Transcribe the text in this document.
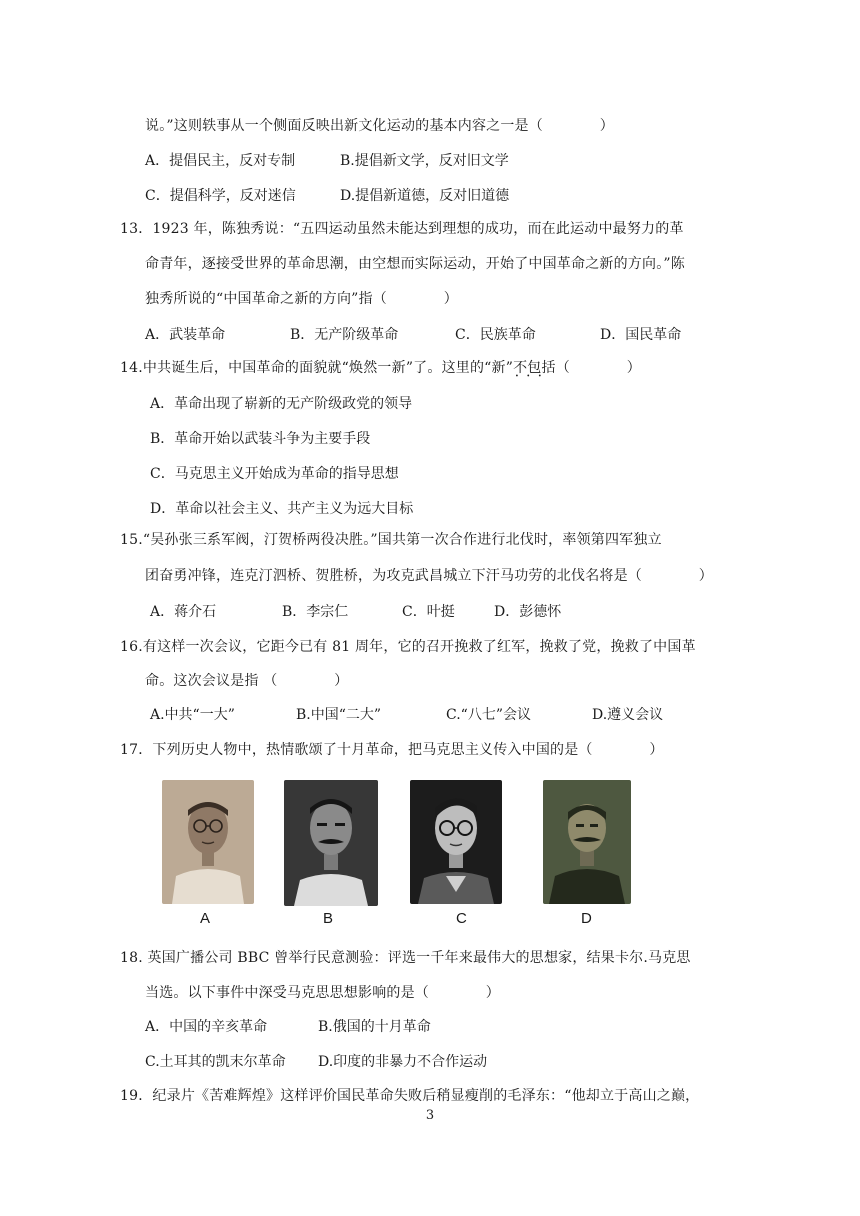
说。”这则轶事从一个侧面反映出新文化运动的基本内容之一是（　　　　）
A．提倡民主，反对专制	B.提倡新文学，反对旧文学
C．提倡科学，反对迷信	D.提倡新道德，反对旧道德
13．1923 年，陈独秀说：“五四运动虽然未能达到理想的成功，而在此运动中最努力的革
命青年，逐接受世界的革命思潮，由空想而实际运动，开始了中国革命之新的方向。”陈
独秀所说的“中国革命之新的方向”指（　　　　）
A．武装革命	B．无产阶级革命	C．民族革命	D．国民革命
14.中共诞生后，中国革命的面貌就“焕然一新”了。这里的“新”不包括 • • •（　　　　）
A．革命出现了崭新的无产阶级政党的领导
B．革命开始以武装斗争为主要手段
C．马克思主义开始成为革命的指导思想
D．革命以社会主义、共产主义为远大目标
15.“吴孙张三系军阀，汀贺桥两役决胜。”国共第一次合作进行北伐时，率领第四军独立
团奋勇冲锋，连克汀泗桥、贺胜桥，为攻克武昌城立下汗马功劳的北伐名将是（　　　　）
A．蒋介石	B．李宗仁	C．叶挺	D．彭德怀
16.有这样一次会议，它距今已有 81 周年，它的召开挽救了红军，挽救了党，挽救了中国革
命。这次会议是指 （　　　　）
A.中共“一大”	B.中国“二大”	C.“八七”会议	D.遵义会议
17．下列历史人物中，热情歌颂了十月革命，把马克思主义传入中国的是（　　　　）
A	B	C	D
18. 英国广播公司 BBC 曾举行民意测验：评选一千年来最伟大的思想家，结果卡尔.马克思
当选。以下事件中深受马克思思想影响的是（　　　　）
A．中国的辛亥革命	B.俄国的十月革命
C.土耳其的凯末尔革命 D.印度的非暴力不合作运动
19．纪录片《苦难辉煌》这样评价国民革命失败后稍显瘦削的毛泽东：“他却立于高山之巅，
3
